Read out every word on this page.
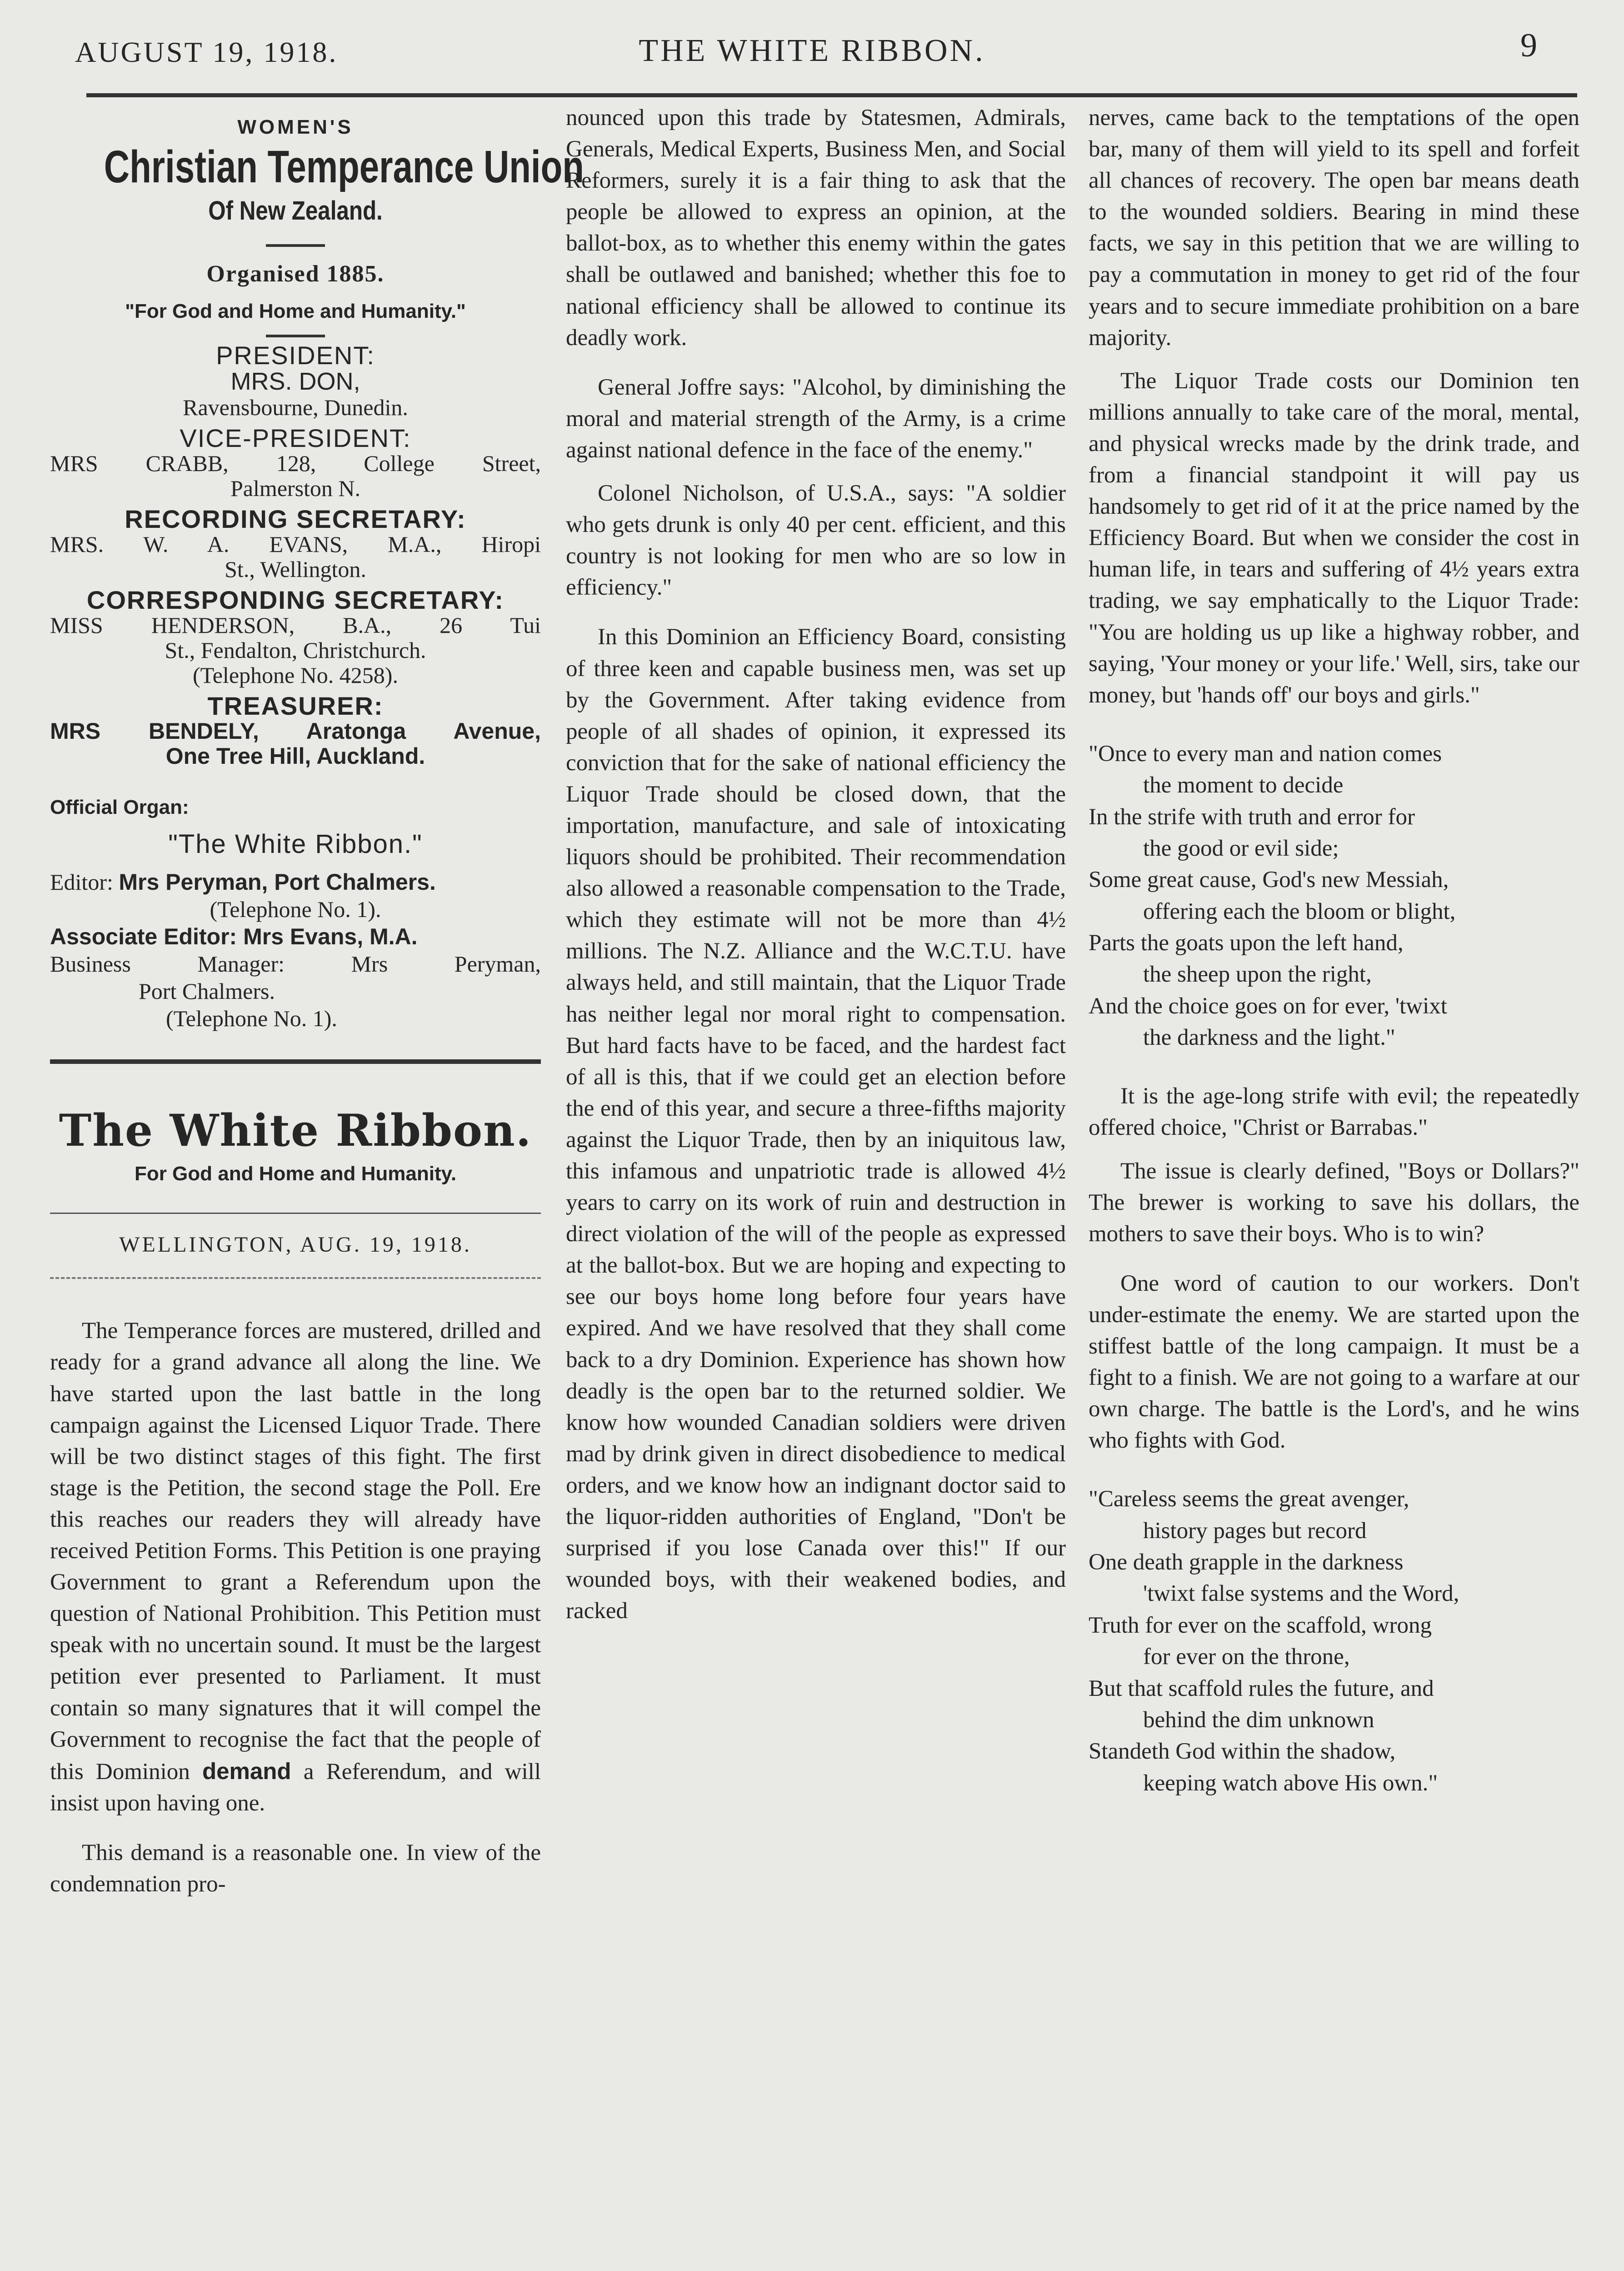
AUGUST 19, 1918.	THE WHITE RIBBON.	9
WOMEN'S
Christian Temperance Union
Of New Zealand.
Organised 1885.
"For God and Home and Humanity."
PRESIDENT:
MRS. DON,
Ravensbourne, Dunedin.
VICE-PRESIDENT:
MRS CRABB, 128, College Street,
Palmerston N.
RECORDING SECRETARY:
MRS. W. A. EVANS, M.A., Hiropi
St., Wellington.
CORRESPONDING SECRETARY:
MISS HENDERSON, B.A., 26 Tui
St., Fendalton, Christchurch.
(Telephone No. 4258).
TREASURER:
MRS BENDELY, Aratonga Avenue,
One Tree Hill, Auckland.
Official Organ:
"The White Ribbon."
Editor: Mrs Peryman, Port Chalmers.
(Telephone No. 1).
Associate Editor: Mrs Evans, M.A.
Business Manager:	Mrs Peryman,
Port Chalmers.
(Telephone No. 1).
The White Ribbon.
For God and Home and Humanity.
WELLINGTON, AUG. 19, 1918.

The Temperance forces are mustered, drilled and ready for a grand advance all along the line. We have started upon the last battle in the long campaign against the Licensed Liquor Trade. There will be two distinct stages of this fight. The first stage is the Petition, the second stage the Poll. Ere this reaches our readers they will already have received Petition Forms. This Petition is one praying Government to grant a Referendum upon the question of National Prohibition. This Petition must speak with no uncertain sound. It must be the largest petition ever presented to Parliament. It must contain so many signatures that it will compel the Government to recognise the fact that the people of this Dominion demand a Referendum, and will insist upon having one.

This demand is a reasonable one. In view of the condemnation pro-

nounced upon this trade by Statesmen, Admirals, Generals, Medical Experts, Business Men, and Social Reformers, surely it is a fair thing to ask that the people be allowed to express an opinion, at the ballot-box, as to whether this enemy within the gates shall be outlawed and banished; whether this foe to national efficiency shall be allowed to continue its deadly work.

General Joffre says: "Alcohol, by diminishing the moral and material strength of the Army, is a crime against national defence in the face of the enemy."

Colonel Nicholson, of U.S.A., says: "A soldier who gets drunk is only 40 per cent. efficient, and this country is not looking for men who are so low in efficiency."

In this Dominion an Efficiency Board, consisting of three keen and capable business men, was set up by the Government. After taking evidence from people of all shades of opinion, it expressed its conviction that for the sake of national efficiency the Liquor Trade should be closed down, that the importation, manufacture, and sale of intoxicating liquors should be prohibited. Their recommendation also allowed a reasonable compensation to the Trade, which they estimate will not be more than 4½ millions. The N.Z. Alliance and the W.C.T.U. have always held, and still maintain, that the Liquor Trade has neither legal nor moral right to compensation. But hard facts have to be faced, and the hardest fact of all is this, that if we could get an election before the end of this year, and secure a three-fifths majority against the Liquor Trade, then by an iniquitous law, this infamous and unpatriotic trade is allowed 4½ years to carry on its work of ruin and destruction in direct violation of the will of the people as expressed at the ballot-box. But we are hoping and expecting to see our boys home long before four years have expired. And we have resolved that they shall come back to a dry Dominion. Experience has shown how deadly is the open bar to the returned soldier. We know how wounded Canadian soldiers were driven mad by drink given in direct disobedience to medical orders, and we know how an indignant doctor said to the liquor-ridden authorities of England, "Don't be surprised if you lose Canada over this!" If our wounded boys, with their weakened bodies, and racked

nerves, came back to the temptations of the open bar, many of them will yield to its spell and forfeit all chances of recovery. The open bar means death to the wounded soldiers. Bearing in mind these facts, we say in this petition that we are willing to pay a commutation in money to get rid of the four years and to secure immediate prohibition on a bare majority.

The Liquor Trade costs our Dominion ten millions annually to take care of the moral, mental, and physical wrecks made by the drink trade, and from a financial standpoint it will pay us handsomely to get rid of it at the price named by the Efficiency Board. But when we consider the cost in human life, in tears and suffering of 4½ years extra trading, we say emphatically to the Liquor Trade: "You are holding us up like a highway robber, and saying, 'Your money or your life.' Well, sirs, take our money, but 'hands off' our boys and girls."

"Once to every man and nation comes
the moment to decide
In the strife with truth and error for
the good or evil side;
Some great cause, God's new Messiah,
offering each the bloom or blight,
Parts the goats upon the left hand,
the sheep upon the right,
And the choice goes on for ever, 'twixt
the darkness and the light."

It is the age-long strife with evil; the repeatedly offered choice, "Christ or Barrabas."

The issue is clearly defined, "Boys or Dollars?" The brewer is working to save his dollars, the mothers to save their boys. Who is to win?

One word of caution to our workers. Don't under-estimate the enemy. We are started upon the stiffest battle of the long campaign. It must be a fight to a finish. We are not going to a warfare at our own charge. The battle is the Lord's, and he wins who fights with God.

"Careless seems the great avenger,
history pages but record
One death grapple in the darkness
'twixt false systems and the Word,
Truth for ever on the scaffold, wrong
for ever on the throne,
But that scaffold rules the future, and
behind the dim unknown
Standeth God within the shadow,
keeping watch above His own."
